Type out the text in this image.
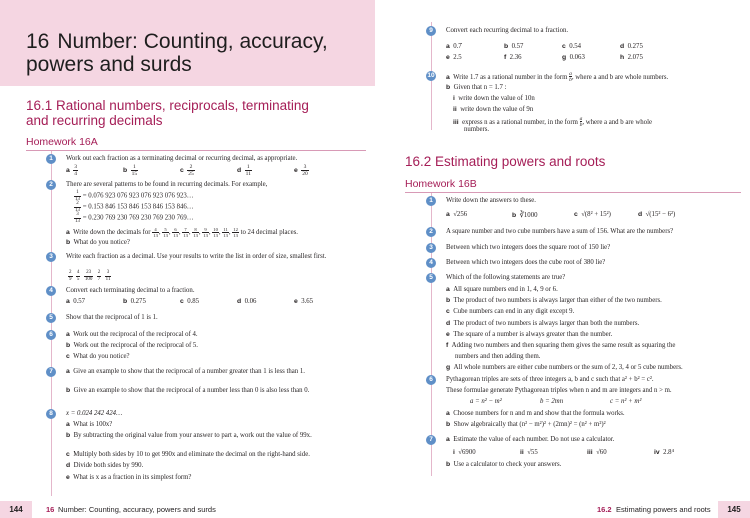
16 Number: Counting, accuracy, powers and surds
16.1 Rational numbers, reciprocals, terminating and recurring decimals
Homework 16A
1	Work out each fraction as a terminating decimal or recurring decimal, as appropriate.
a $\frac{3}{4}$	b $\frac{1}{15}$	c $\frac{2}{25}$	d $\frac{1}{11}$	e $\frac{3}{20}$
2	There are several patterns to be found in recurring decimals. For example,
$\frac{1}{13} = 0.076$ 923 076 923 076 923 076 923…
$\frac{2}{13} = 0.153$ 846 153 846 153 846 153 846…
$\frac{3}{13} = 0.230$ 769 230 769 230 769 230 769…
a Write down the decimals for $\frac{4}{13}$ , $\frac{5}{13}$ , $\frac{6}{13}$ , $\frac{7}{13}$ , $\frac{8}{13}$ , $\frac{9}{13}$ , $\frac{10}{13}$ , $\frac{11}{13}$ , $\frac{12}{13}$ to 24 decimal places.
b What do you notice?
3	Write each fraction as a decimal. Use your results to write the list in order of size, smallest first.
$\frac{2}{9}$
$\frac{4}{5}$
$\frac{23}{100}$
$\frac{2}{7}$
$\frac{3}{11}$
4	Convert each terminating decimal to a fraction.
a 0.57	b 0.275	c 0.85	d 0.06	e 3.65
5	Show that the reciprocal of 1 is 1.
6	a Work out the reciprocal of the reciprocal of 4.
b Work out the reciprocal of the reciprocal of 5.
c What do you notice?
7	a Give an example to show that the reciprocal of a number greater than 1 is less than 1.
b Give an example to show that the reciprocal of a number less than 0 is also less than 0.
8	x = 0.024 242 424…
a What is 100x?
b By subtracting the original value from your answer to part a, work out the value of 99x.
c Multiply both sides by 10 to get 990x and eliminate the decimal on the right-hand side.
d Divide both sides by 990.
e What is x as a fraction in its simplest form?
144	16 Number: Counting, accuracy, powers and surds
9	Convert each recurring decimal to a fraction.
a 0.7̇	b 0.57	c 0.54	d 0.275
e 2.5	f 2.36	g 0.063	h 2.075
10 a Write 1.7 as a rational number in the form $\frac{a}{b}$, where a and b are whole numbers.
b Given that n = 1.7 :
i write down the value of 10n
ii write down the value of 9n
iii express n as a rational number, in the form $\frac{a}{b}$, where a and b are whole
numbers.
16.2 Estimating powers and roots
Homework 16B
1	Write down the answers to these.
a √256	b ∛1000	c √(8² + 15²)	d √(15² − 6²)
2	A square number and two cube numbers have a sum of 156. What are the numbers?
3	Between which two integers does the square root of 150 lie?
4	Between which two integers does the cube root of 380 lie?
5	Which of the following statements are true?
a All square numbers end in 1, 4, 9 or 6.
b The product of two numbers is always larger than either of the two numbers.
c Cube numbers can end in any digit except 9.
d The product of two numbers is always larger than both the numbers.
e The square of a number is always greater than the number.
f Adding two numbers and then squaring them gives the same result as squaring the
numbers and then adding them.
g All whole numbers are either cube numbers or the sum of 2, 3, 4 or 5 cube numbers.
6	Pythagorean triples are sets of three integers a, b and c such that a² + b² = c².
These formulae generate Pythagorean triples when n and m are integers and n > m.
a = n² − m²	b = 2mn	c = n² + m²
a Choose numbers for n and m and show that the formula works.
b Show algebraically that (n² − m²)² + (2mn)² = (n² + m²)²
7	a Estimate the value of each number. Do not use a calculator.
i √6900	ii √55	iii √60	iv 2.8⁴
b Use a calculator to check your answers.
16.2 Estimating powers and roots	145
